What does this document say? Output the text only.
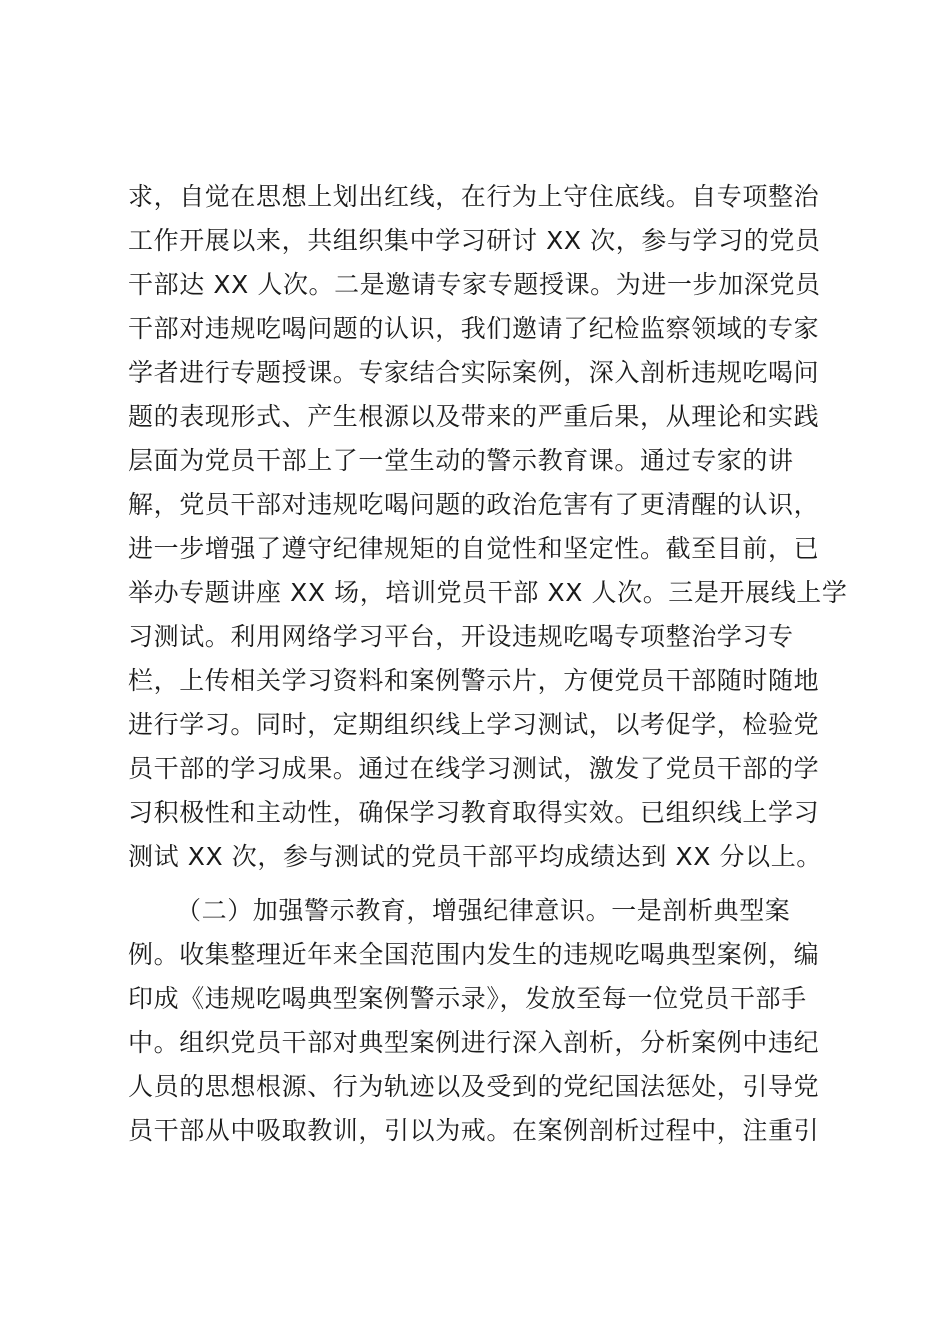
求，自觉在思想上划出红线，在行为上守住底线。自专项整治
工作开展以来，共组织集中学习研讨 XX 次，参与学习的党员
干部达 XX 人次。二是邀请专家专题授课。为进一步加深党员
干部对违规吃喝问题的认识，我们邀请了纪检监察领域的专家
学者进行专题授课。专家结合实际案例，深入剖析违规吃喝问
题的表现形式、产生根源以及带来的严重后果，从理论和实践
层面为党员干部上了一堂生动的警示教育课。通过专家的讲
解，党员干部对违规吃喝问题的政治危害有了更清醒的认识，
进一步增强了遵守纪律规矩的自觉性和坚定性。截至目前，已
举办专题讲座 XX 场，培训党员干部 XX 人次。三是开展线上学
习测试。利用网络学习平台，开设违规吃喝专项整治学习专
栏，上传相关学习资料和案例警示片，方便党员干部随时随地
进行学习。同时，定期组织线上学习测试，以考促学，检验党
员干部的学习成果。通过在线学习测试，激发了党员干部的学
习积极性和主动性，确保学习教育取得实效。已组织线上学习
测试 XX 次，参与测试的党员干部平均成绩达到 XX 分以上。
（二）加强警示教育，增强纪律意识。一是剖析典型案
例。收集整理近年来全国范围内发生的违规吃喝典型案例，编
印成《违规吃喝典型案例警示录》，发放至每一位党员干部手
中。组织党员干部对典型案例进行深入剖析，分析案例中违纪
人员的思想根源、行为轨迹以及受到的党纪国法惩处，引导党
员干部从中吸取教训，引以为戒。在案例剖析过程中，注重引
